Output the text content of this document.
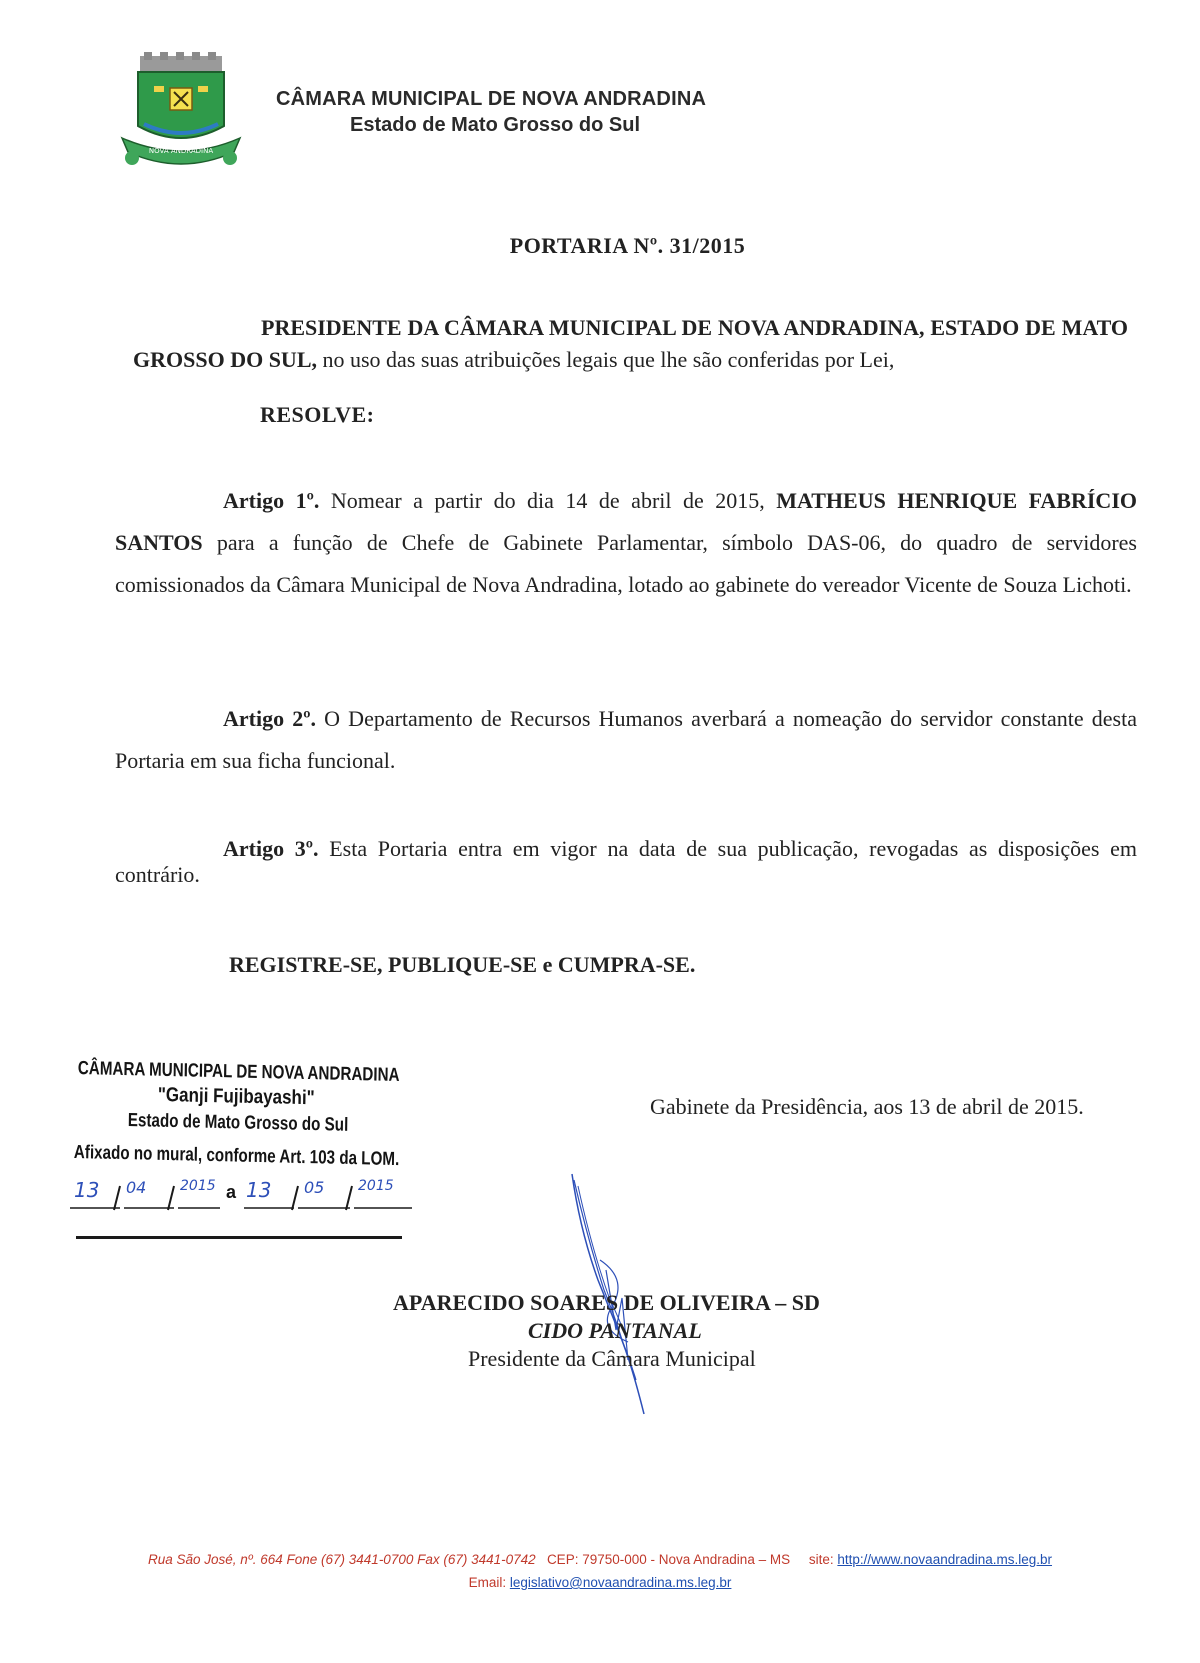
NOVA ANDRADINA
CÂMARA MUNICIPAL DE NOVA ANDRADINA
Estado de Mato Grosso do Sul
PORTARIA Nº. 31/2015
PRESIDENTE DA CÂMARA MUNICIPAL DE NOVA ANDRADINA, ESTADO DE MATO GROSSO DO SUL, no uso das suas atribuições legais que lhe são conferidas por Lei,
RESOLVE:
Artigo 1º. Nomear a partir do dia 14 de abril de 2015, MATHEUS HENRIQUE FABRÍCIO SANTOS para a função de Chefe de Gabinete Parlamentar, símbolo DAS-06, do quadro de servidores comissionados da Câmara Municipal de Nova Andradina, lotado ao gabinete do vereador Vicente de Souza Lichoti.
Artigo 2º. O Departamento de Recursos Humanos averbará a nomeação do servidor constante desta Portaria em sua ficha funcional.
Artigo 3º. Esta Portaria entra em vigor na data de sua publicação, revogadas as disposições em contrário.
REGISTRE-SE, PUBLIQUE-SE e CUMPRA-SE.
CÂMARA MUNICIPAL DE NOVA ANDRADINA
"Ganji Fujibayashi"
Estado de Mato Grosso do Sul
Afixado no mural, conforme Art. 103 da LOM.
13 04 2015 a 13 05 2015
Gabinete da Presidência, aos 13 de abril de 2015.
APARECIDO SOARES DE OLIVEIRA – SD
CIDO PANTANAL
Presidente da Câmara Municipal
Rua São José, nº. 664 Fone (67) 3441-0700 Fax (67) 3441-0742 CEP: 79750-000 - Nova Andradina – MS site: http://www.novaandradina.ms.leg.br
Email: legislativo@novaandradina.ms.leg.br
